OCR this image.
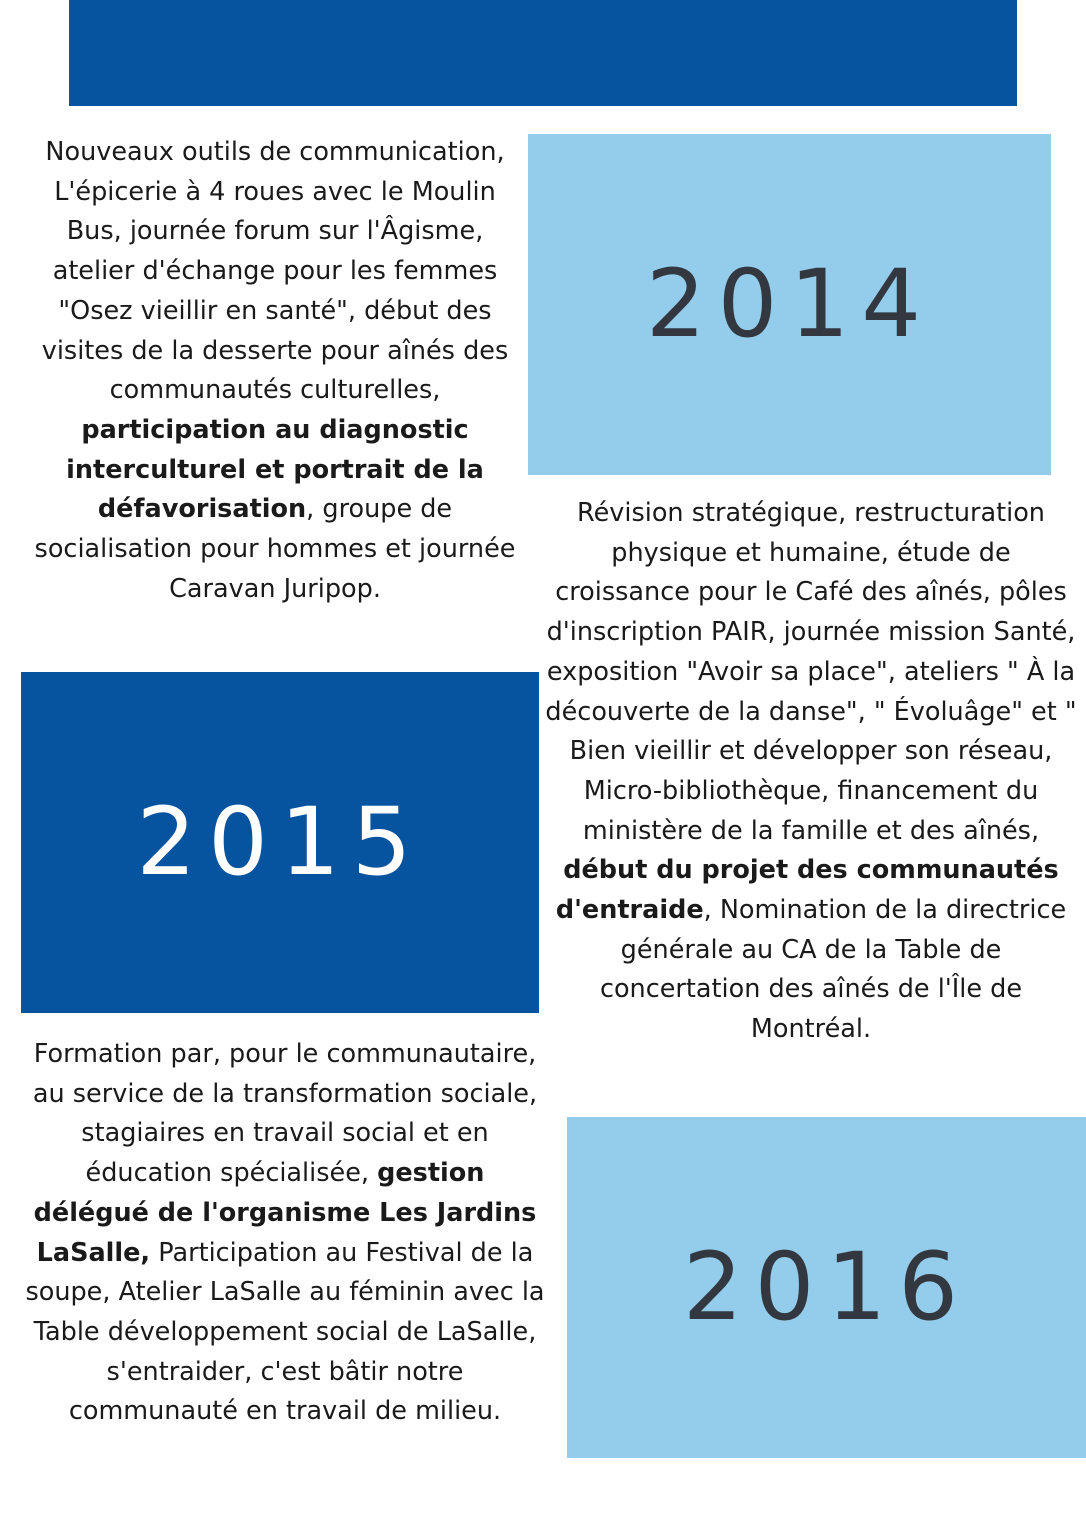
Nouveaux outils de communication, L'épicerie à 4 roues avec le Moulin Bus, journée forum sur l'Âgisme, atelier d'échange pour les femmes "Osez vieillir en santé", début des visites de la desserte pour aînés des communautés culturelles, participation au diagnostic interculturel et portrait de la défavorisation, groupe de socialisation pour hommes et journée Caravan Juripop.
2014
2015
Révision stratégique, restructuration physique et humaine, étude de croissance pour le Café des aînés, pôles d'inscription PAIR, journée mission Santé, exposition "Avoir sa place", ateliers " À la découverte de la danse", " Évoluâge" et " Bien vieillir et développer son réseau, Micro-bibliothèque, financement du ministère de la famille et des aînés, début du projet des communautés d'entraide, Nomination de la directrice générale au CA de la Table de concertation des aînés de l'Île de Montréal.
Formation par, pour le communautaire, au service de la transformation sociale, stagiaires en travail social et en éducation spécialisée, gestion délégué de l'organisme Les Jardins LaSalle, Participation au Festival de la soupe, Atelier LaSalle au féminin avec la Table développement social de LaSalle, s'entraider, c'est bâtir notre communauté en travail de milieu.
2016
